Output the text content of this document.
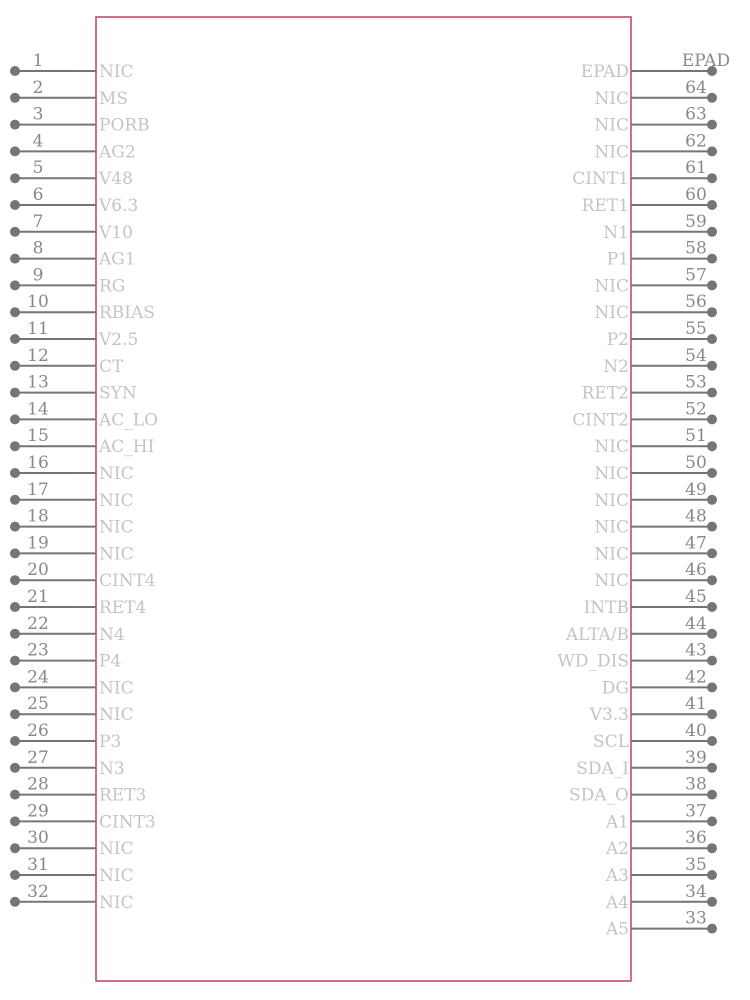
1
NIC
2
MS
3
PORB
4
AG2
5
V48
6
V6.3
7
V10
8
AG1
9
RG
10
RBIAS
11
V2.5
12
CT
13
SYN
14
AC_LO
15
AC_HI
16
NIC
17
NIC
18
NIC
19
NIC
20
CINT4
21
RET4
22
N4
23
P4
24
NIC
25
NIC
26
P3
27
N3
28
RET3
29
CINT3
30
NIC
31
NIC
32
NIC
EPAD
EPAD
64
NIC
63
NIC
62
NIC
61
CINT1
60
RET1
59
N1
58
P1
57
NIC
56
NIC
55
P2
54
N2
53
RET2
52
CINT2
51
NIC
50
NIC
49
NIC
48
NIC
47
NIC
46
NIC
45
INTB
44
ALTA/B
43
WD_DIS
42
DG
41
V3.3
40
SCL
39
SDA_I
38
SDA_O
37
A1
36
A2
35
A3
34
A4
33
A5
